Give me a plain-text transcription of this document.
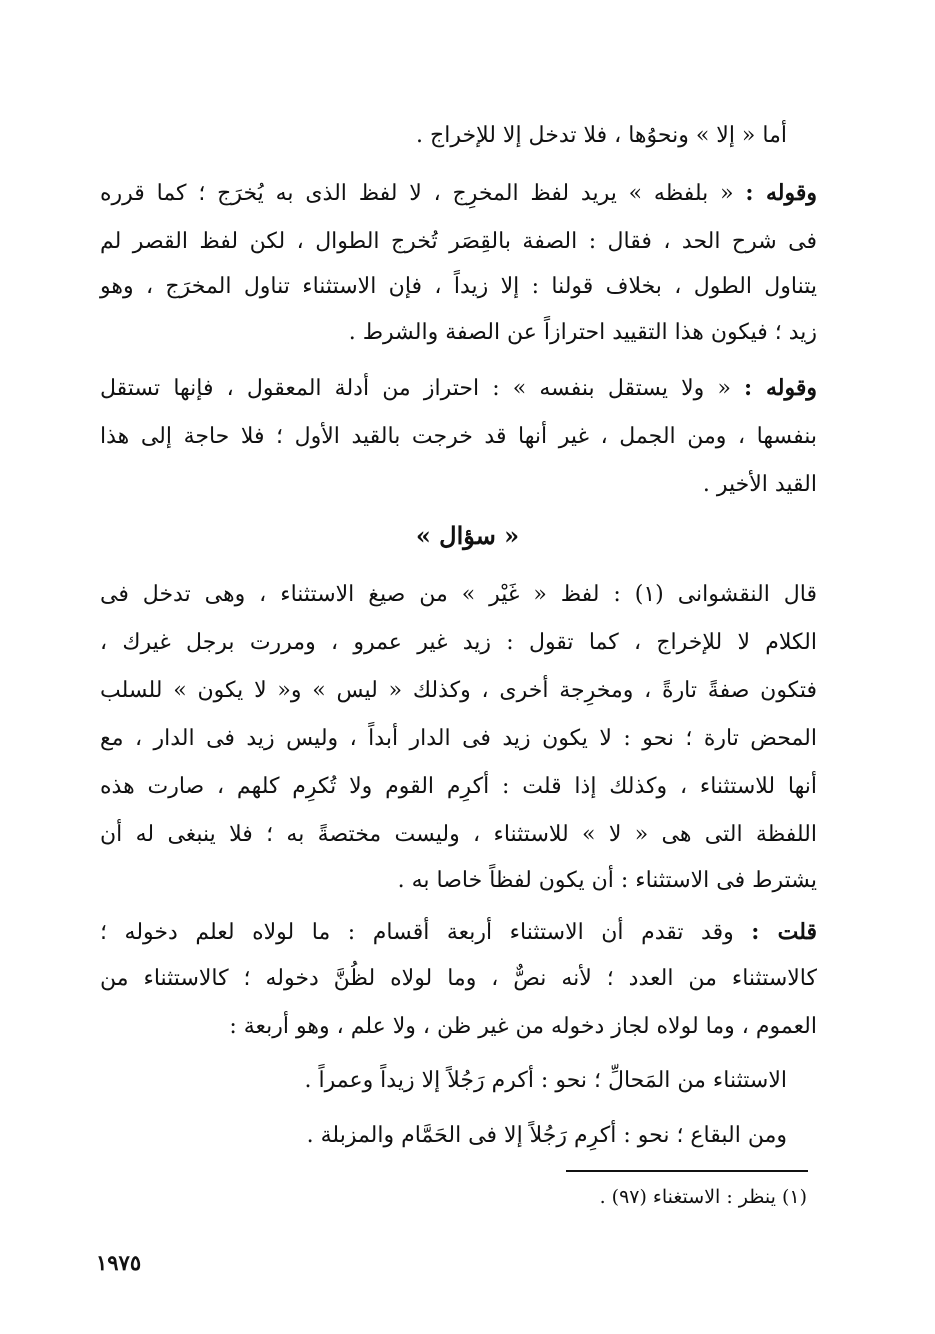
أما « إلا » ونحوُها ، فلا تدخل إلا للإخراج .
وقوله : « بلفظه » يريد لفظ المخرِج ، لا لفظ الذى به يُخرَج ؛ كما قرره
فى شرح الحد ، فقال : الصفة بالقِصَر تُخرج الطوال ، لكن لفظ القصر لم
يتناول الطول ، بخلاف قولنا : إلا زيداً ، فإن الاستثناء تناول المخرَج ، وهو
زيد ؛ فيكون هذا التقييد احترازاً عن الصفة والشرط .
وقوله : « ولا يستقل بنفسه » : احتراز من أدلة المعقول ، فإنها تستقل
بنفسها ، ومن الجمل ، غير أنها قد خرجت بالقيد الأول ؛ فلا حاجة إلى هذا
القيد الأخير .
« سؤال »
قال النقشوانى (١) : لفظ « غَيْر » من صيغ الاستثناء ، وهى تدخل فى
الكلام لا للإخراج ، كما تقول : زيد غير عمرو ، ومررت برجل غيرك ،
فتكون صفةً تارةً ، ومخرِجة أخرى ، وكذلك « ليس » و« لا يكون » للسلب
المحض تارة ؛ نحو : لا يكون زيد فى الدار أبداً ، وليس زيد فى الدار ، مع
أنها للاستثناء ، وكذلك إذا قلت : أكرِم القوم ولا تُكرِم كلهم ، صارت هذه
اللفظة التى هى « لا » للاستثناء ، وليست مختصةً به ؛ فلا ينبغى له أن
يشترط فى الاستثناء : أن يكون لفظاً خاصا به .
قلت : وقد تقدم أن الاستثناء أربعة أقسام : ما لولاه لعلم دخوله ؛
كالاستثناء من العدد ؛ لأنه نصٌّ ، وما لولاه لظُنَّ دخوله ؛ كالاستثناء من
العموم ، وما لولاه لجاز دخوله من غير ظن ، ولا علم ، وهو أربعة :
الاستثناء من المَحالِّ ؛ نحو : أكرم رَجُلاً إلا زيداً وعمراً .
ومن البقاع ؛ نحو : أكرِم رَجُلاً إلا فى الحَمَّام والمزبلة .
(١) ينظر : الاستغناء (٩٧) .
١٩٧٥
